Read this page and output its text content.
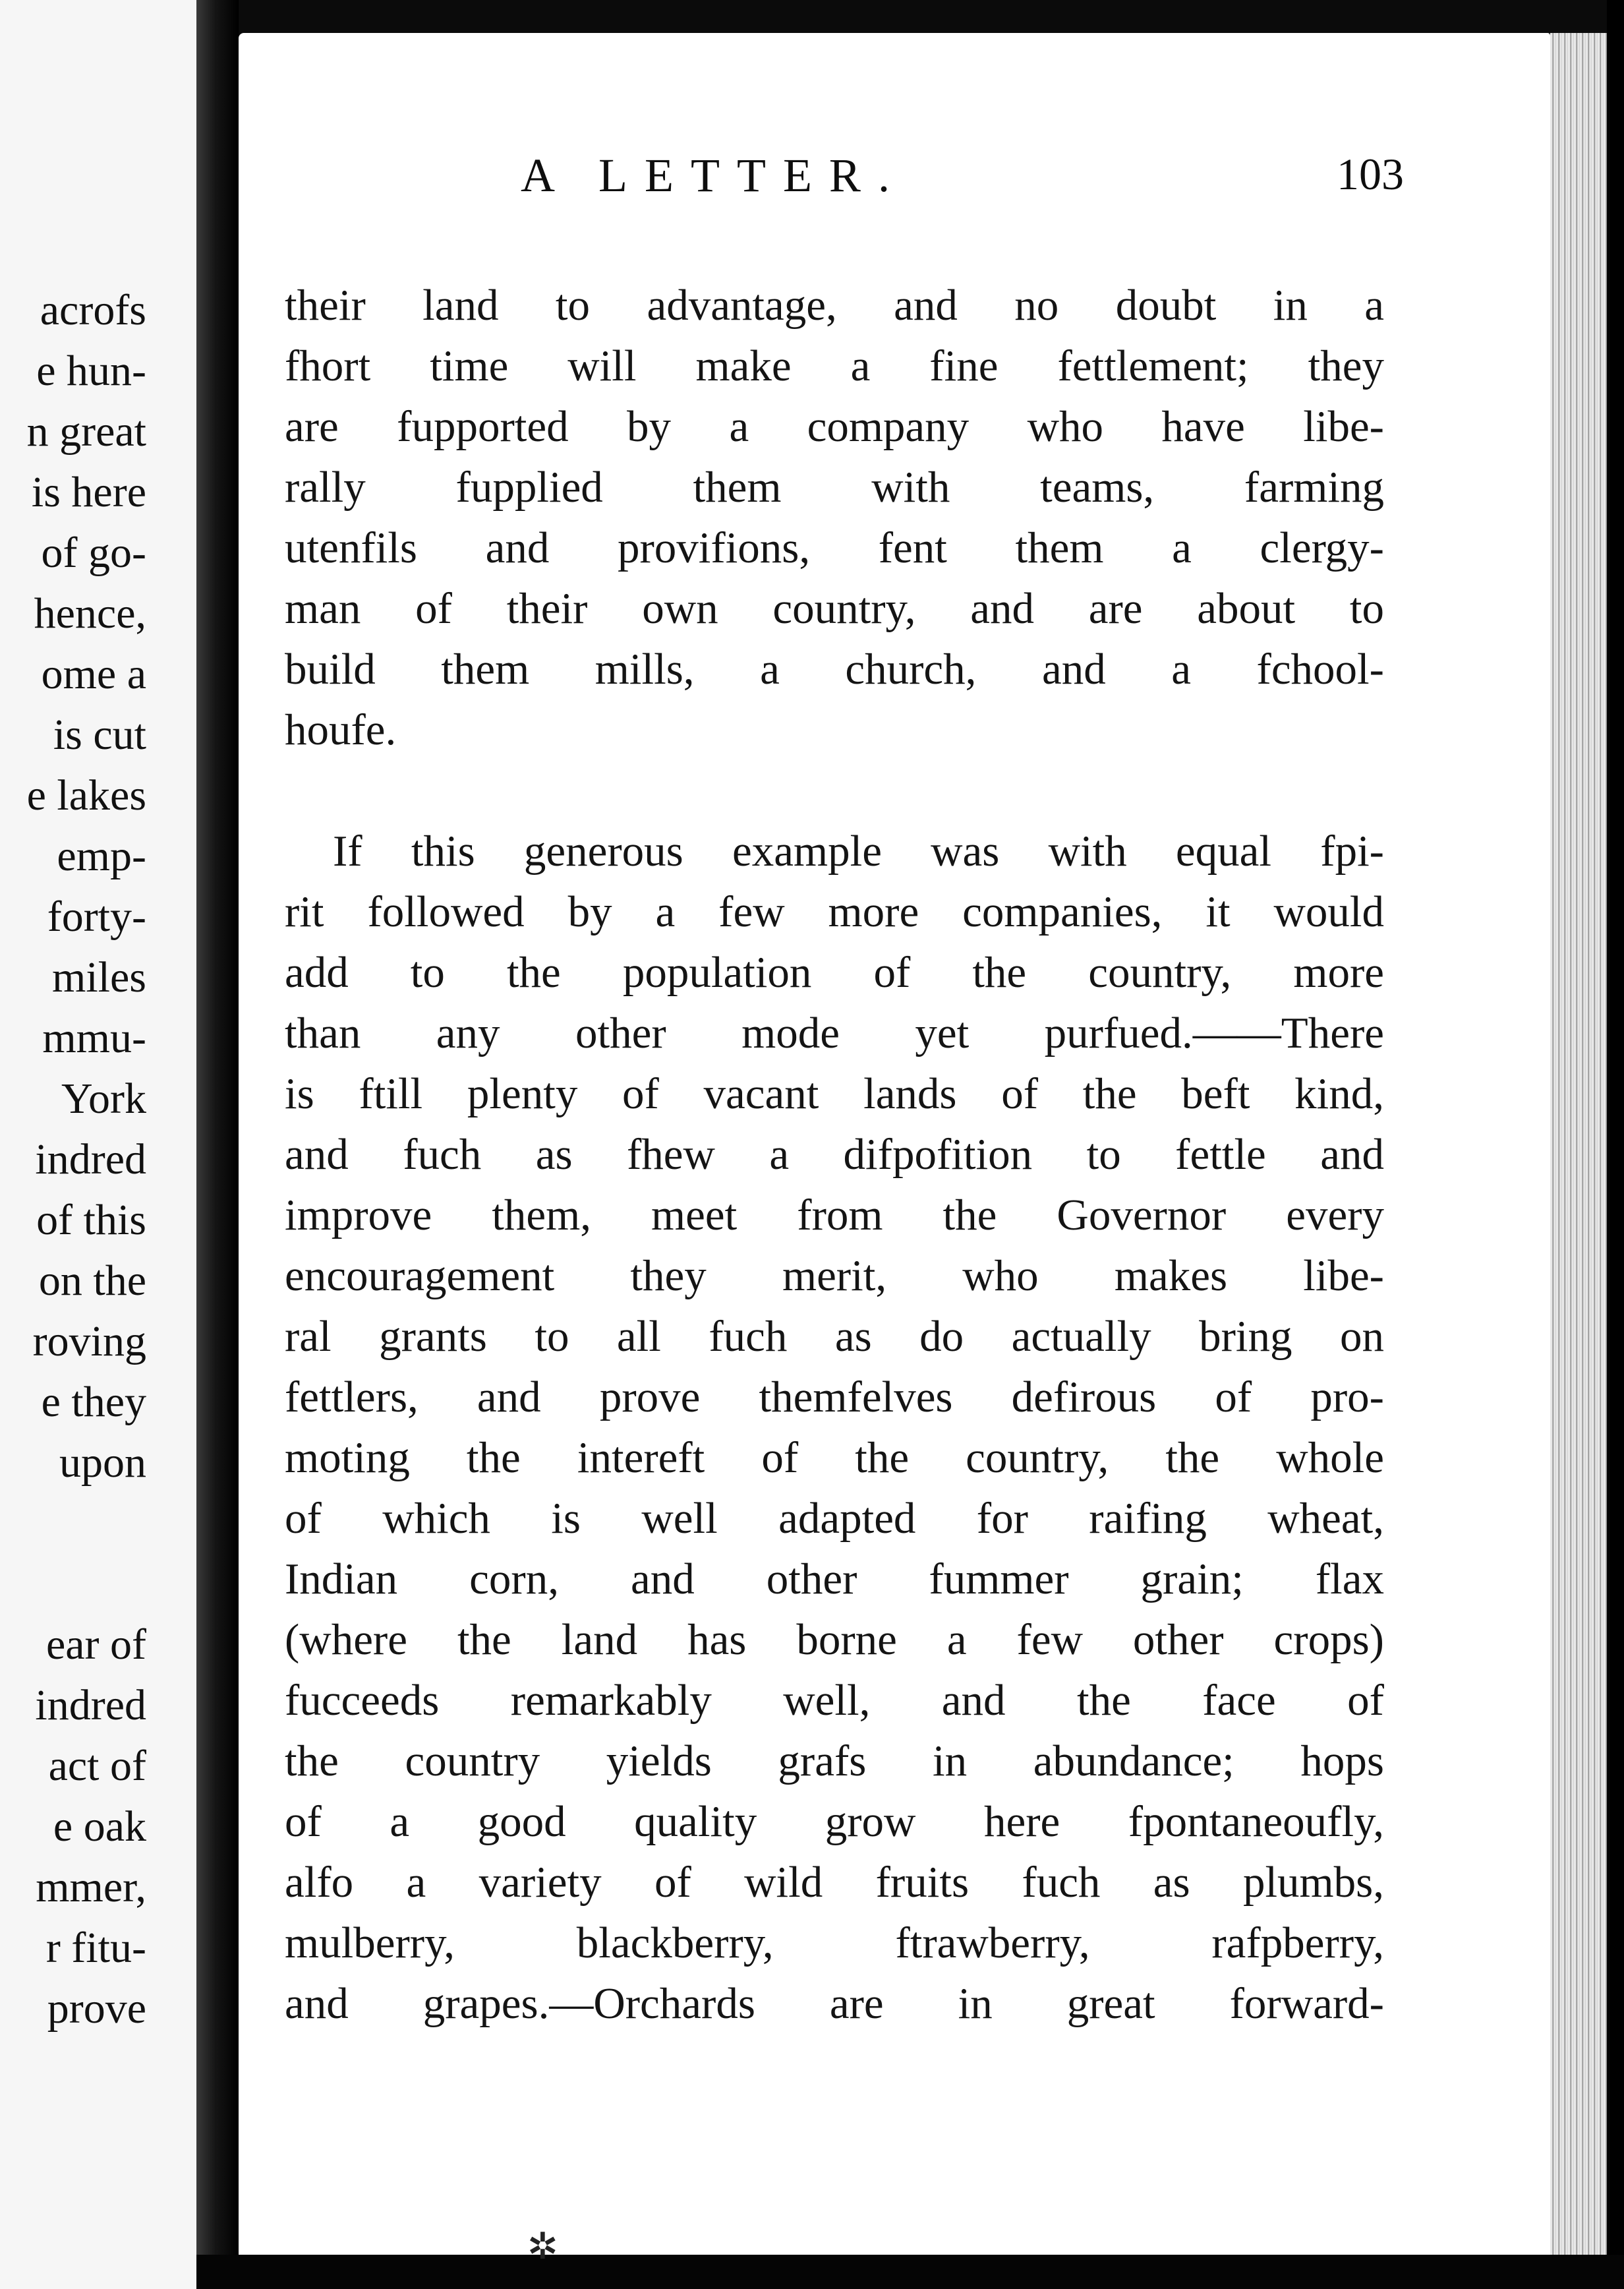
acrofs
e hun-
n great
is here
of go-
hence,
ome a
is cut
e lakes
emp-
forty-
miles
mmu-
York
indred
of this
on the
roving
e they
upon
ear of
indred
act of
e oak
mmer,
r fitu-
prove
A LETTER.	103
their land to advantage, and no doubt in a
fhort time will make a fine fettlement; they
are fupported by a company who have libe-
rally fupplied them with teams, farming
utenfils and provifions, fent them a clergy-
man of their own country, and are about to
build them mills, a church, and a fchool-
houfe.
If this generous example was with equal fpi-
rit followed by a few more companies, it would
add to the population of the country, more
than any other mode yet purfued.——There
is ftill plenty of vacant lands of the beft kind,
and fuch as fhew a difpofition to fettle and
improve them, meet from the Governor every
encouragement they merit, who makes libe-
ral grants to all fuch as do actually bring on
fettlers, and prove themfelves defirous of pro-
moting the intereft of the country, the whole
of which is well adapted for raifing wheat,
Indian corn, and other fummer grain; flax
(where the land has borne a few other crops)
fucceeds remarkably well, and the face of
the country yields grafs in abundance; hops
of a good quality grow here fpontaneoufly,
alfo a variety of wild fruits fuch as plumbs,
mulberry, blackberry, ftrawberry, rafpberry,
and grapes.—Orchards are in great forward-
✲
